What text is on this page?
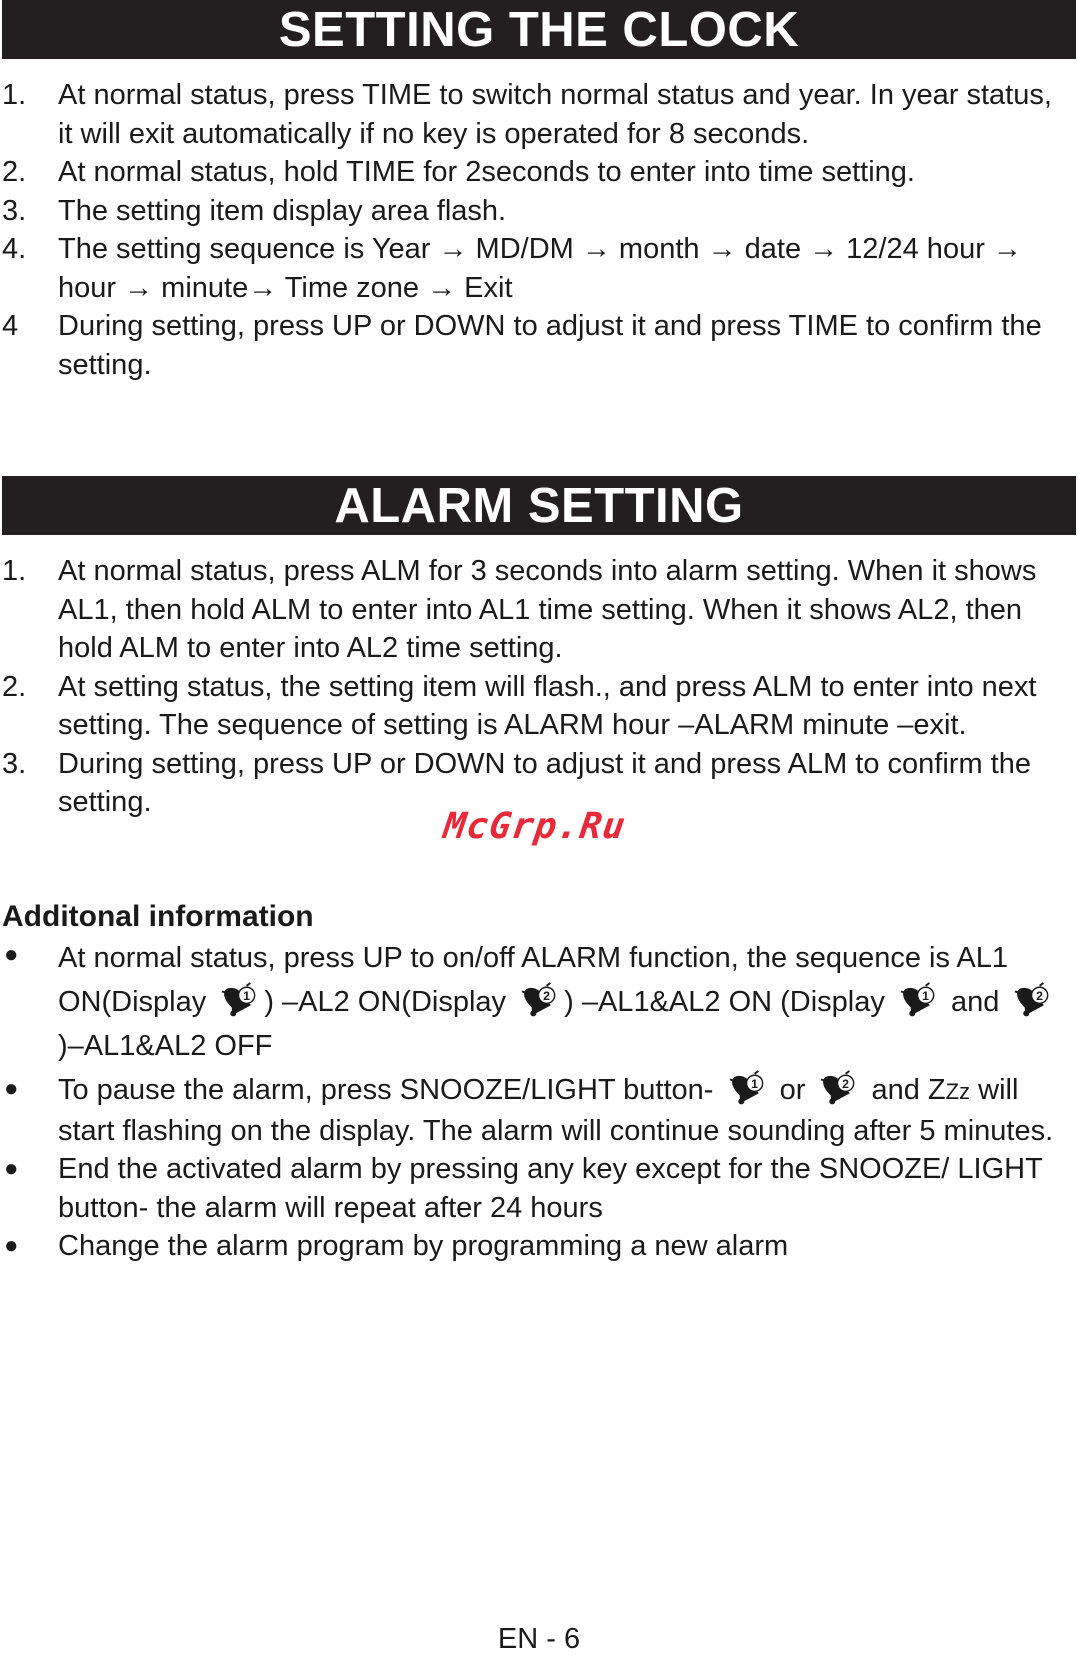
SETTING THE CLOCK
1. At normal status, press TIME to switch normal status and year. In year status, it will exit automatically if no key is operated for 8 seconds.
2. At normal status, hold TIME for 2seconds to enter into time setting.
3. The setting item display area flash.
4. The setting sequence is Year → MD/DM → month → date → 12/24 hour → hour → minute→ Time zone → Exit
4 During setting, press UP or DOWN to adjust it and press TIME to confirm the setting.
ALARM SETTING
1. At normal status, press ALM for 3 seconds into alarm setting. When it shows AL1, then hold ALM to enter into AL1 time setting. When it shows AL2, then hold ALM to enter into AL2 time setting.
2. At setting status, the setting item will flash., and press ALM to enter into next setting. The sequence of setting is ALARM hour –ALARM minute –exit.
3. During setting, press UP or DOWN to adjust it and press ALM to confirm the setting.
Additonal information
● At normal status, press UP to on/off ALARM function, the sequence is AL1 ON(Display 1 ) –AL2 ON(Display 2 ) –AL1&AL2 ON (Display 1 and 2
)–AL1&AL2 OFF
● To pause the alarm, press SNOOZE/LIGHT button- 1 or 2 and ZZz will start flashing on the display. The alarm will continue sounding after 5 minutes.
● End the activated alarm by pressing any key except for the SNOOZE/ LIGHT button- the alarm will repeat after 24 hours
● Change the alarm program by programming a new alarm
McGrp.Ru
EN - 6
